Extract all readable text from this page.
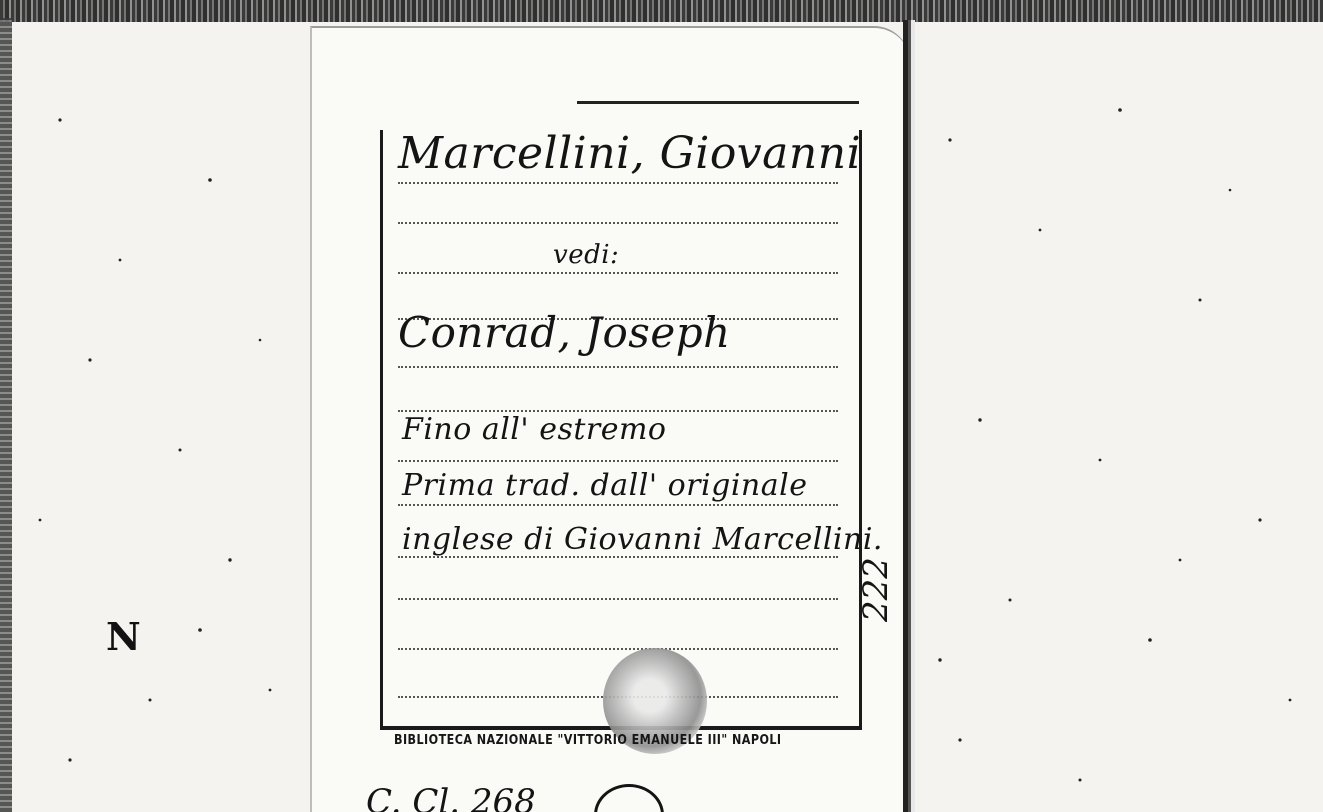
Marcellini, Giovanni
vedi:
Conrad, Joseph
Fino all' estremo
Prima trad. dall' originale
inglese di Giovanni Marcellini.
BIBLIOTECA NAZIONALE "VITTORIO EMANUELE III" NAPOLI
222
N
C. Cl. 268
